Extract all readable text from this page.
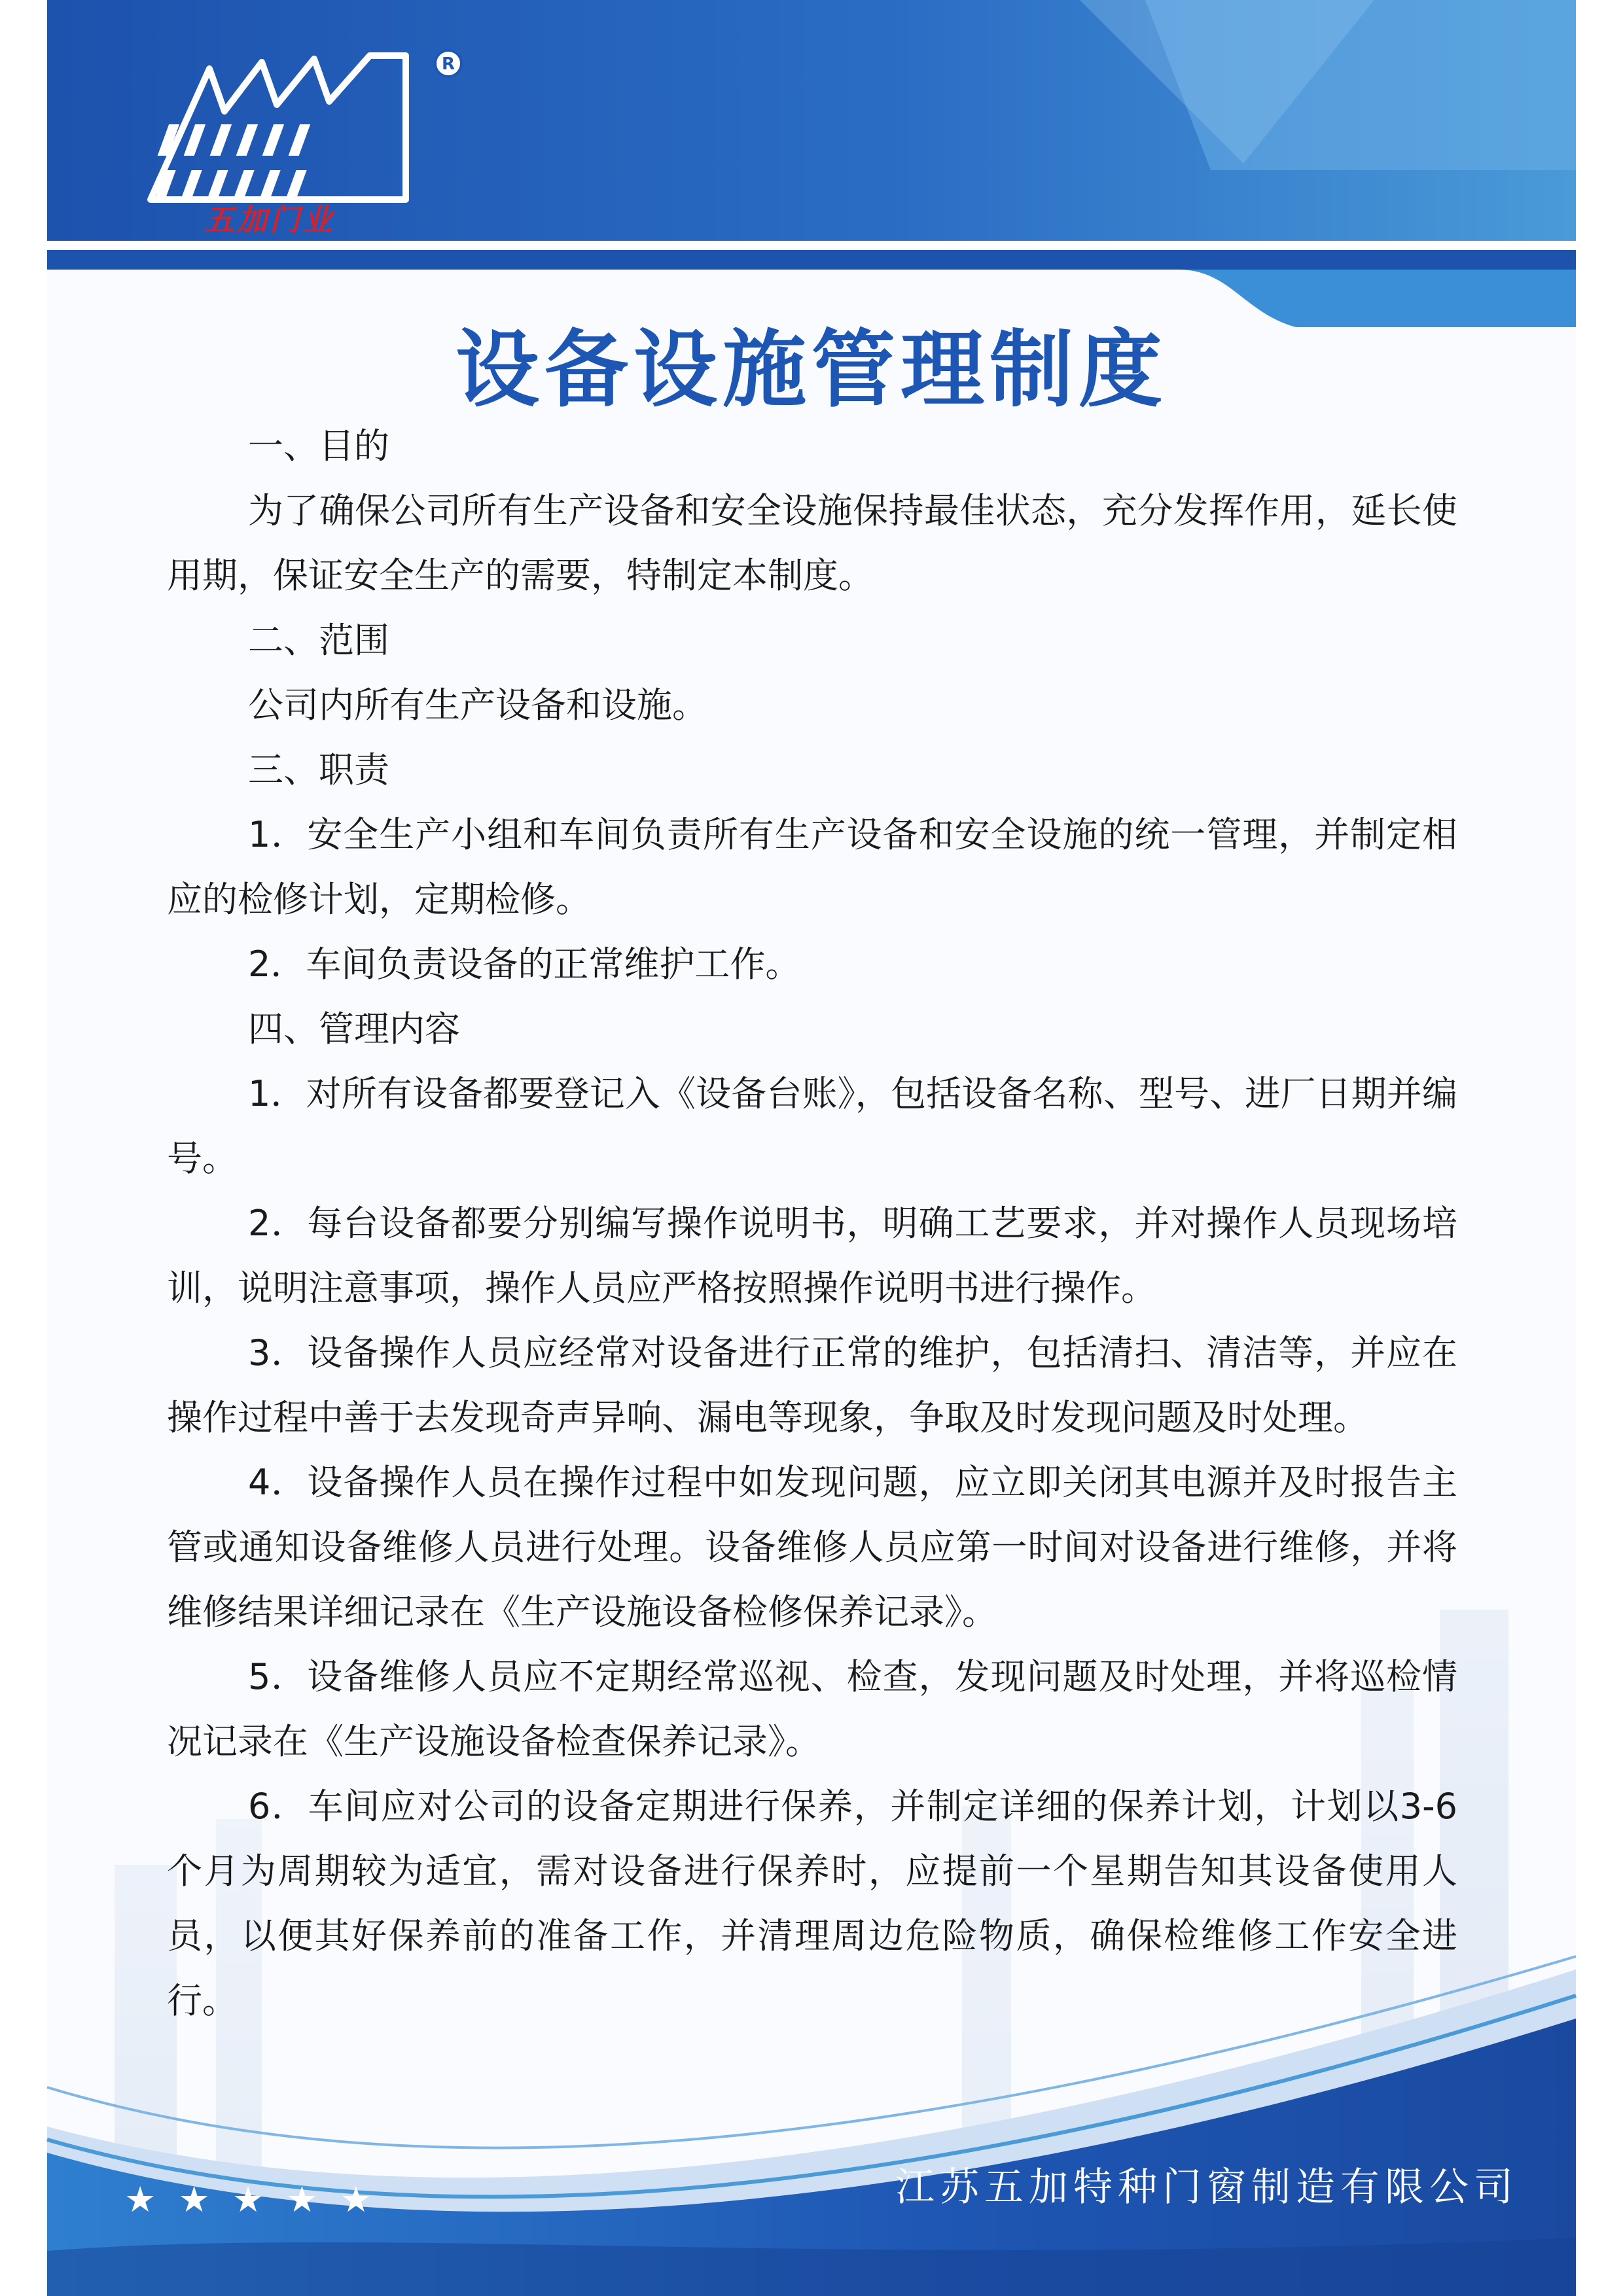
R
五加门业
设备设施管理制度

一、目的

为了确保公司所有生产设备和安全设施保持最佳状态，充分发挥作用，延长使用期，保证安全生产的需要，特制定本制度。

二、范围

公司内所有生产设备和设施。

三、职责

1．安全生产小组和车间负责所有生产设备和安全设施的统一管理，并制定相应的检修计划，定期检修。

2．车间负责设备的正常维护工作。

四、管理内容

1．对所有设备都要登记入《设备台账》，包括设备名称、型号、进厂日期并编号。

2．每台设备都要分别编写操作说明书，明确工艺要求，并对操作人员现场培训，说明注意事项，操作人员应严格按照操作说明书进行操作。

3．设备操作人员应经常对设备进行正常的维护，包括清扫、清洁等，并应在操作过程中善于去发现奇声异响、漏电等现象，争取及时发现问题及时处理。

4．设备操作人员在操作过程中如发现问题，应立即关闭其电源并及时报告主管或通知设备维修人员进行处理。设备维修人员应第一时间对设备进行维修，并将维修结果详细记录在《生产设施设备检修保养记录》。

5．设备维修人员应不定期经常巡视、检查，发现问题及时处理，并将巡检情况记录在《生产设施设备检查保养记录》。

6．车间应对公司的设备定期进行保养，并制定详细的保养计划，计划以3-6个月为周期较为适宜，需对设备进行保养时，应提前一个星期告知其设备使用人员，以便其好保养前的准备工作，并清理周边危险物质，确保检维修工作安全进行。

★ ★ ★ ★ ★	江苏五加特种门窗制造有限公司
